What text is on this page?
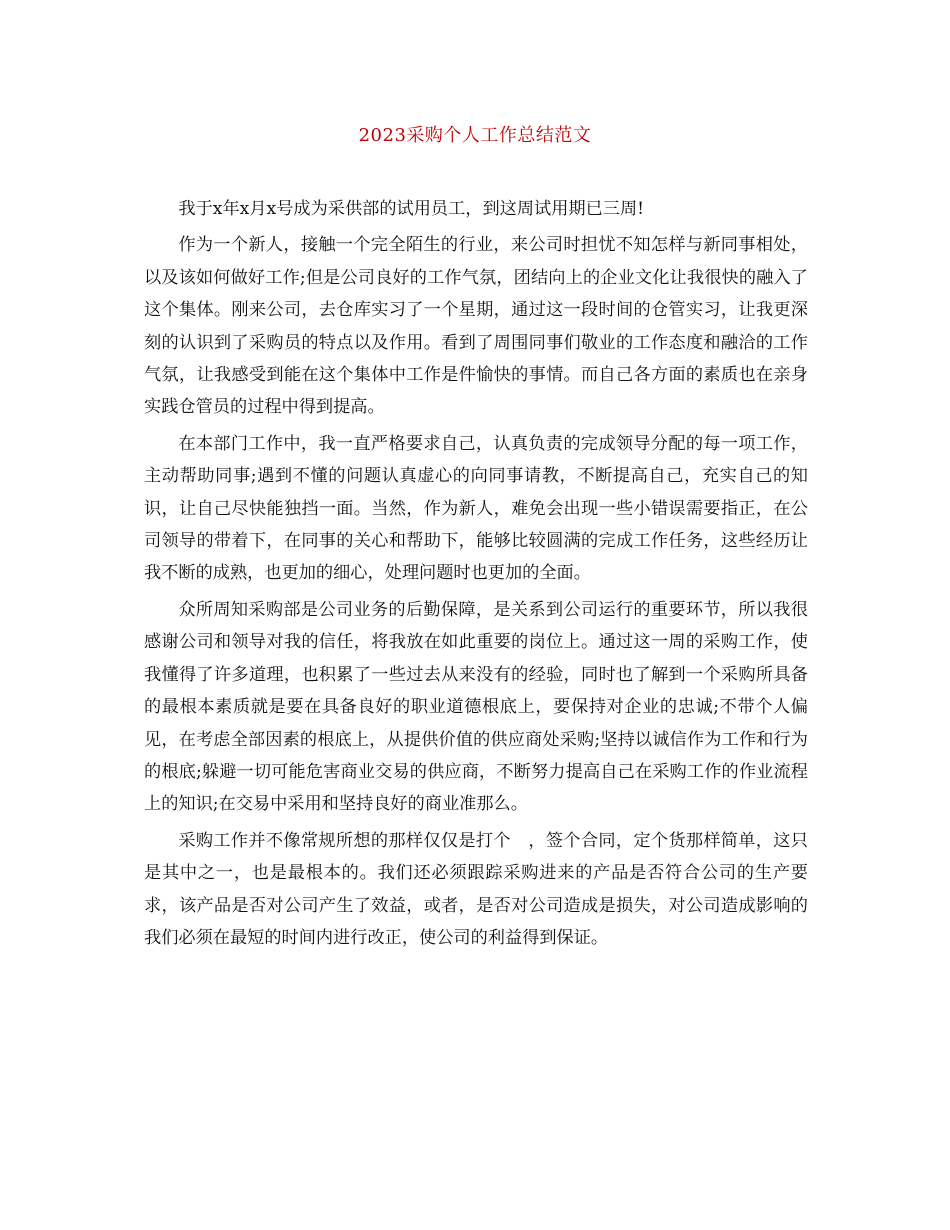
2023采购个人工作总结范文

我于x年x月x号成为采供部的试用员工，到这周试用期已三周!

作为一个新人，接触一个完全陌生的行业，来公司时担忧不知怎样与新同事相处，以及该如何做好工作;但是公司良好的工作气氛，团结向上的企业文化让我很快的融入了这个集体。刚来公司，去仓库实习了一个星期，通过这一段时间的仓管实习，让我更深刻的认识到了采购员的特点以及作用。看到了周围同事们敬业的工作态度和融洽的工作气氛，让我感受到能在这个集体中工作是件愉快的事情。而自己各方面的素质也在亲身实践仓管员的过程中得到提高。

在本部门工作中，我一直严格要求自己，认真负责的完成领导分配的每一项工作，主动帮助同事;遇到不懂的问题认真虚心的向同事请教，不断提高自己，充实自己的知识，让自己尽快能独挡一面。当然，作为新人，难免会出现一些小错误需要指正，在公司领导的带着下，在同事的关心和帮助下，能够比较圆满的完成工作任务，这些经历让我不断的成熟，也更加的细心，处理问题时也更加的全面。

众所周知采购部是公司业务的后勤保障，是关系到公司运行的重要环节，所以我很感谢公司和领导对我的信任，将我放在如此重要的岗位上。通过这一周的采购工作，使我懂得了许多道理，也积累了一些过去从来没有的经验，同时也了解到一个采购所具备的最根本素质就是要在具备良好的职业道德根底上，要保持对企业的忠诚;不带个人偏见，在考虑全部因素的根底上，从提供价值的供应商处采购;坚持以诚信作为工作和行为的根底;躲避一切可能危害商业交易的供应商，不断努力提高自己在采购工作的作业流程上的知识;在交易中采用和坚持良好的商业准那么。

采购工作并不像常规所想的那样仅仅是打个　，签个合同，定个货那样简单，这只是其中之一，也是最根本的。我们还必须跟踪采购进来的产品是否符合公司的生产要求，该产品是否对公司产生了效益，或者，是否对公司造成是损失，对公司造成影响的我们必须在最短的时间内进行改正，使公司的利益得到保证。
